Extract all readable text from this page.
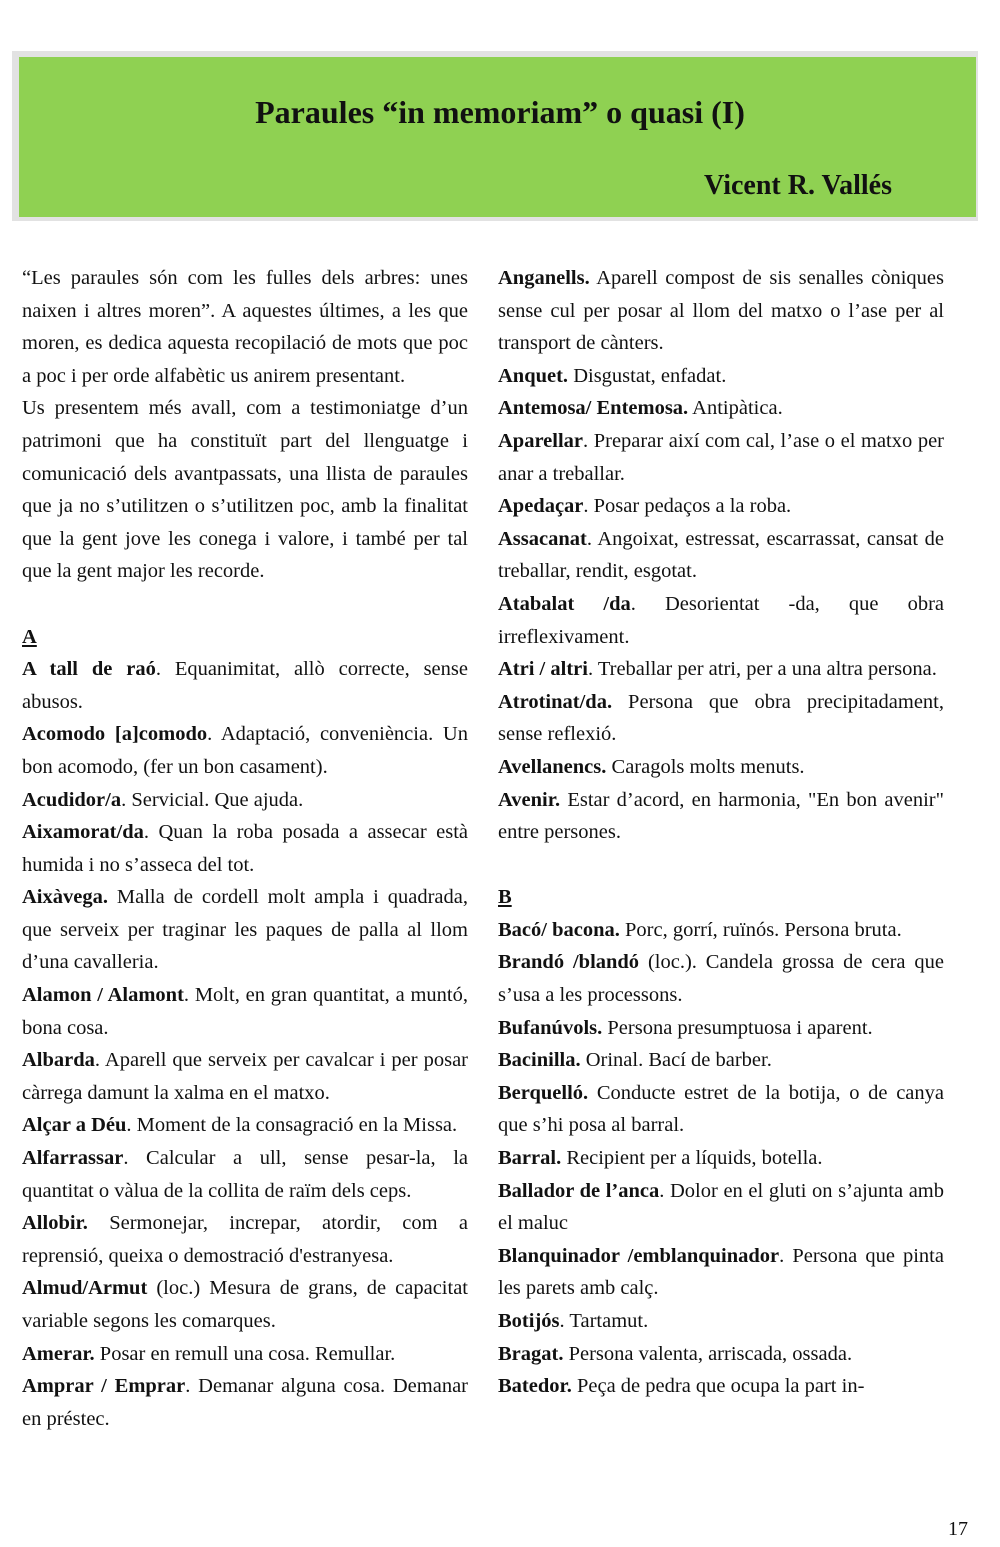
Paraules “in memoriam” o quasi (I)
Vicent R. Vallés

“Les paraules són com les fulles dels arbres: unes naixen i altres moren”. A aquestes últimes, a les que moren, es dedica aquesta recopilació de mots que poc a poc i per orde alfabètic us anirem presentant.

Us presentem més avall, com a testimoniatge d’un patrimoni que ha constituït part del llenguatge i comunicació dels avantpassats, una llista de paraules que ja no s’utilitzen o s’utilitzen poc, amb la finalitat que la gent jove les conega i valore, i també per tal que la gent major les recorde.

A

A tall de raó. Equanimitat, allò correcte, sense abusos.

Acomodo [a]comodo. Adaptació, conveniència. Un bon acomodo, (fer un bon casament).

Acudidor/a. Servicial. Que ajuda.

Aixamorat/da. Quan la roba posada a assecar està humida i no s’asseca del tot.

Aixàvega. Malla de cordell molt ampla i quadrada, que serveix per traginar les paques de palla al llom d’una cavalleria.

Alamon / Alamont. Molt, en gran quantitat, a muntó, bona cosa.

Albarda. Aparell que serveix per cavalcar i per posar càrrega damunt la xalma en el matxo.

Alçar a Déu. Moment de la consagració en la Missa.

Alfarrassar. Calcular a ull, sense pesar-la, la quantitat o vàlua de la collita de raïm dels ceps.

Allobir. Sermonejar, increpar, atordir, com a reprensió, queixa o demostració d'estranyesa.

Almud/Armut (loc.) Mesura de grans, de capacitat variable segons les comarques.

Amerar. Posar en remull una cosa. Remullar.

Amprar / Emprar. Demanar alguna cosa. Demanar en préstec.

Anganells. Aparell compost de sis senalles còniques sense cul per posar al llom del matxo o l’ase per al transport de cànters.

Anquet. Disgustat, enfadat.

Antemosa/ Entemosa. Antipàtica.

Aparellar. Preparar així com cal, l’ase o el matxo per anar a treballar.

Apedaçar. Posar pedaços a la roba.

Assacanat. Angoixat, estressat, escarrassat, cansat de treballar, rendit, esgotat.

Atabalat /da. Desorientat -da, que obra irreflexivament.

Atri / altri. Treballar per atri, per a una altra persona.

Atrotinat/da. Persona que obra precipitadament, sense reflexió.

Avellanencs. Caragols molts menuts.

Avenir. Estar d’acord, en harmonia, "En bon avenir" entre persones.

B

Bacó/ bacona. Porc, gorrí, ruïnós. Persona bruta.

Brandó /blandó (loc.). Candela grossa de cera que s’usa a les processons.

Bufanúvols. Persona presumptuosa i aparent.

Bacinilla. Orinal. Bací de barber.

Berquelló. Conducte estret de la botija, o de canya que s’hi posa al barral.

Barral. Recipient per a líquids, botella.

Ballador de l’anca. Dolor en el gluti on s’ajunta amb el maluc

Blanquinador /emblanquinador. Persona que pinta les parets amb calç.

Botijós. Tartamut.

Bragat. Persona valenta, arriscada, ossada.

Batedor. Peça de pedra que ocupa la part in-

17
